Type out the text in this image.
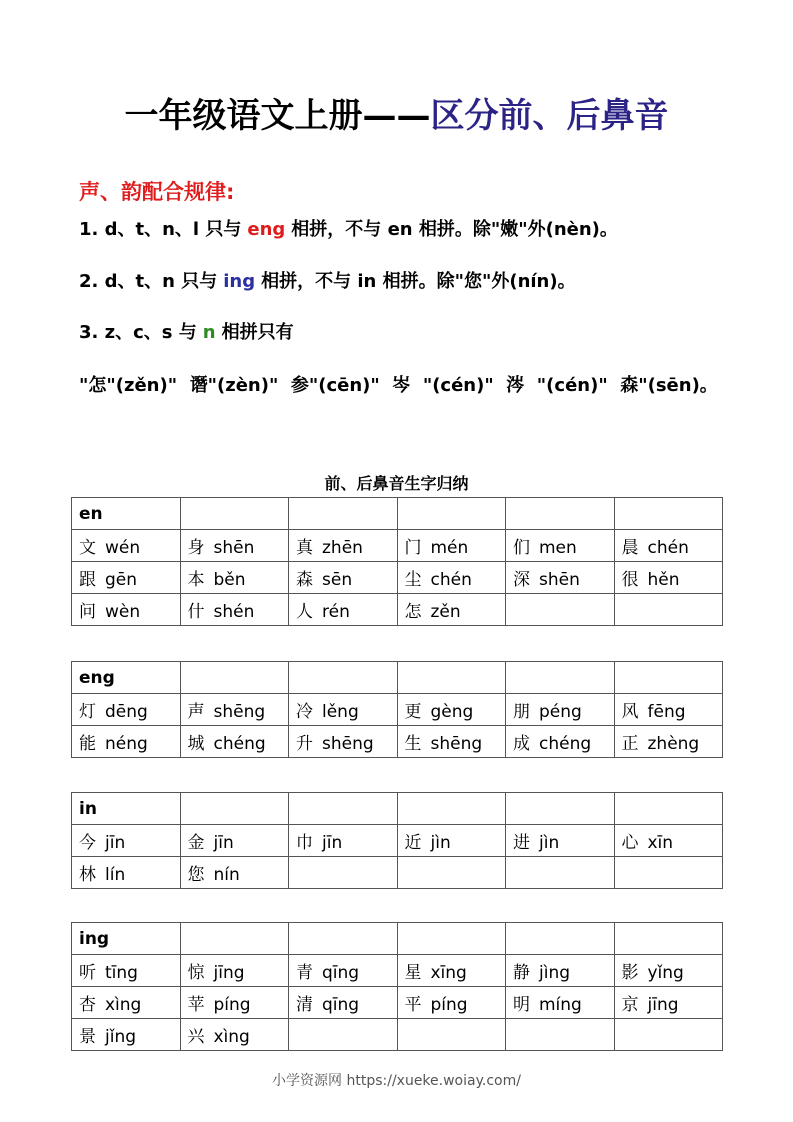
一年级语文上册——区分前、后鼻音
声、韵配合规律:
1. d、t、n、l 只与 eng 相拼，不与 en 相拼。除"嫩"外(nèn)。
2. d、t、n 只与 ing 相拼，不与 in 相拼。除"您"外(nín)。
3. z、c、s 与 n 相拼只有
"怎"(zěn)"  谮"(zèn)"  参"(cēn)"  岑  "(cén)"  涔  "(cén)"  森"(sēn)。
前、后鼻音生字归纳
en					
文 wén	身 shēn	真 zhēn	门 mén	们 men	晨 chén
跟 gēn	本 běn	森 sēn	尘 chén	深 shēn	很 hěn
问 wèn	什 shén	人 rén	怎 zěn		
eng					
灯 dēng	声 shēng	冷 lěng	更 gèng	朋 péng	风 fēng
能 néng	城 chéng	升 shēng	生 shēng	成 chéng	正 zhèng
in					
今 jīn	金 jīn	巾 jīn	近 jìn	进 jìn	心 xīn
林 lín	您 nín				
ing					
听 tīng	惊 jīng	青 qīng	星 xīng	静 jìng	影 yǐng
杏 xìng	苹 píng	清 qīng	平 píng	明 míng	京 jīng
景 jǐng	兴 xìng				
小学资源网 https://xueke.woiay.com/
